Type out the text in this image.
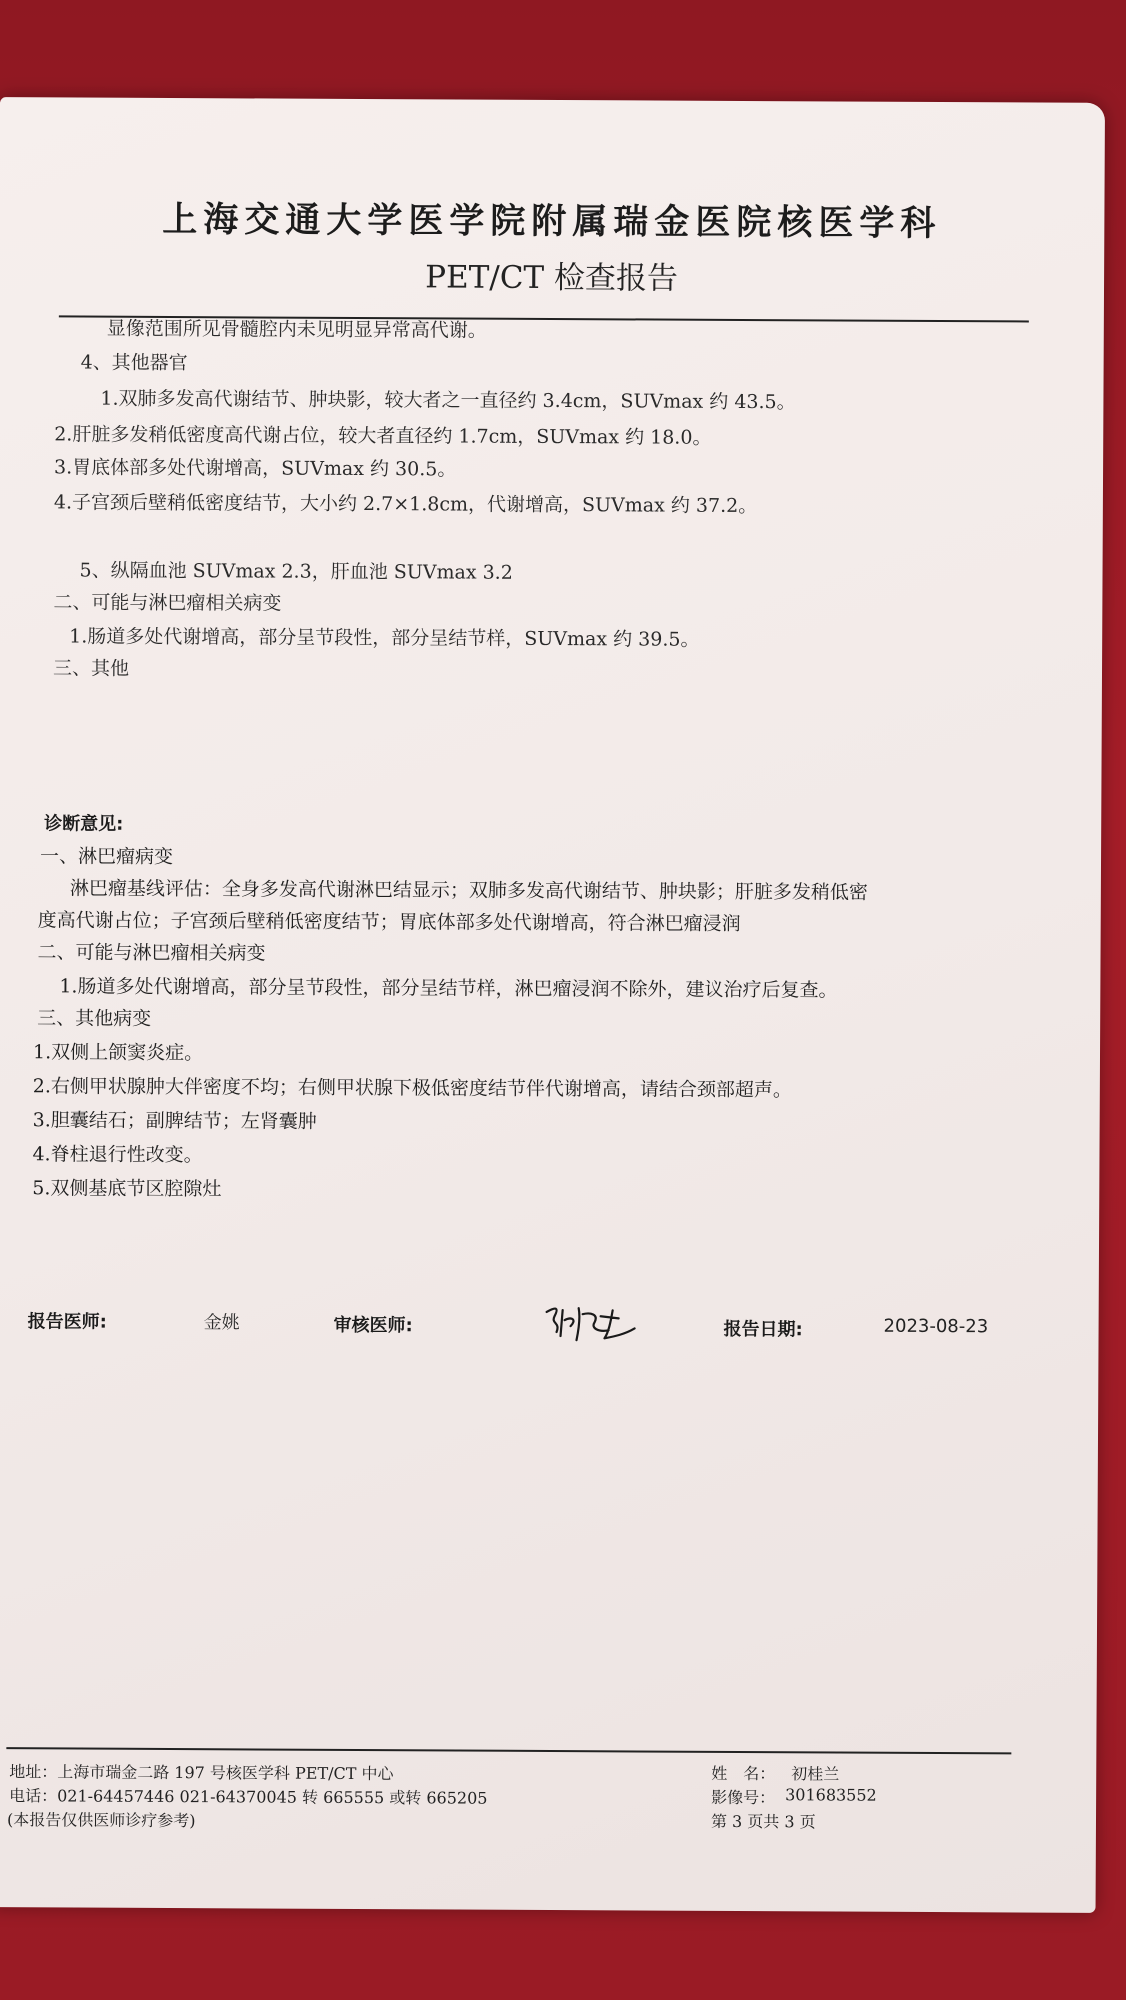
上海交通大学医学院附属瑞金医院核医学科
PET/CT 检查报告
显像范围所见骨髓腔内未见明显异常高代谢。
4、其他器官
1.双肺多发高代谢结节、肿块影，较大者之一直径约 3.4cm，SUVmax 约 43.5。
2.肝脏多发稍低密度高代谢占位，较大者直径约 1.7cm，SUVmax 约 18.0。
3.胃底体部多处代谢增高，SUVmax 约 30.5。
4.子宫颈后壁稍低密度结节，大小约 2.7×1.8cm，代谢增高，SUVmax 约 37.2。
5、纵隔血池 SUVmax 2.3，肝血池 SUVmax 3.2
二、可能与淋巴瘤相关病变
1.肠道多处代谢增高，部分呈节段性，部分呈结节样，SUVmax 约 39.5。
三、其他
诊断意见:
一、淋巴瘤病变
淋巴瘤基线评估：全身多发高代谢淋巴结显示；双肺多发高代谢结节、肿块影；肝脏多发稍低密
度高代谢占位；子宫颈后壁稍低密度结节；胃底体部多处代谢增高，符合淋巴瘤浸润
二、可能与淋巴瘤相关病变
1.肠道多处代谢增高，部分呈节段性，部分呈结节样，淋巴瘤浸润不除外，建议治疗后复查。
三、其他病变
1.双侧上颌窦炎症。
2.右侧甲状腺肿大伴密度不均；右侧甲状腺下极低密度结节伴代谢增高，请结合颈部超声。
3.胆囊结石；副脾结节；左肾囊肿
4.脊柱退行性改变。
5.双侧基底节区腔隙灶
报告医师:	金姚	审核医师:	报告日期:	2023-08-23
地址：上海市瑞金二路 197 号核医学科 PET/CT 中心
电话：021-64457446 021-64370045 转 665555 或转 665205
(本报告仅供医师诊疗参考)
姓　名： 初桂兰
影像号： 301683552
第 3 页共 3 页
